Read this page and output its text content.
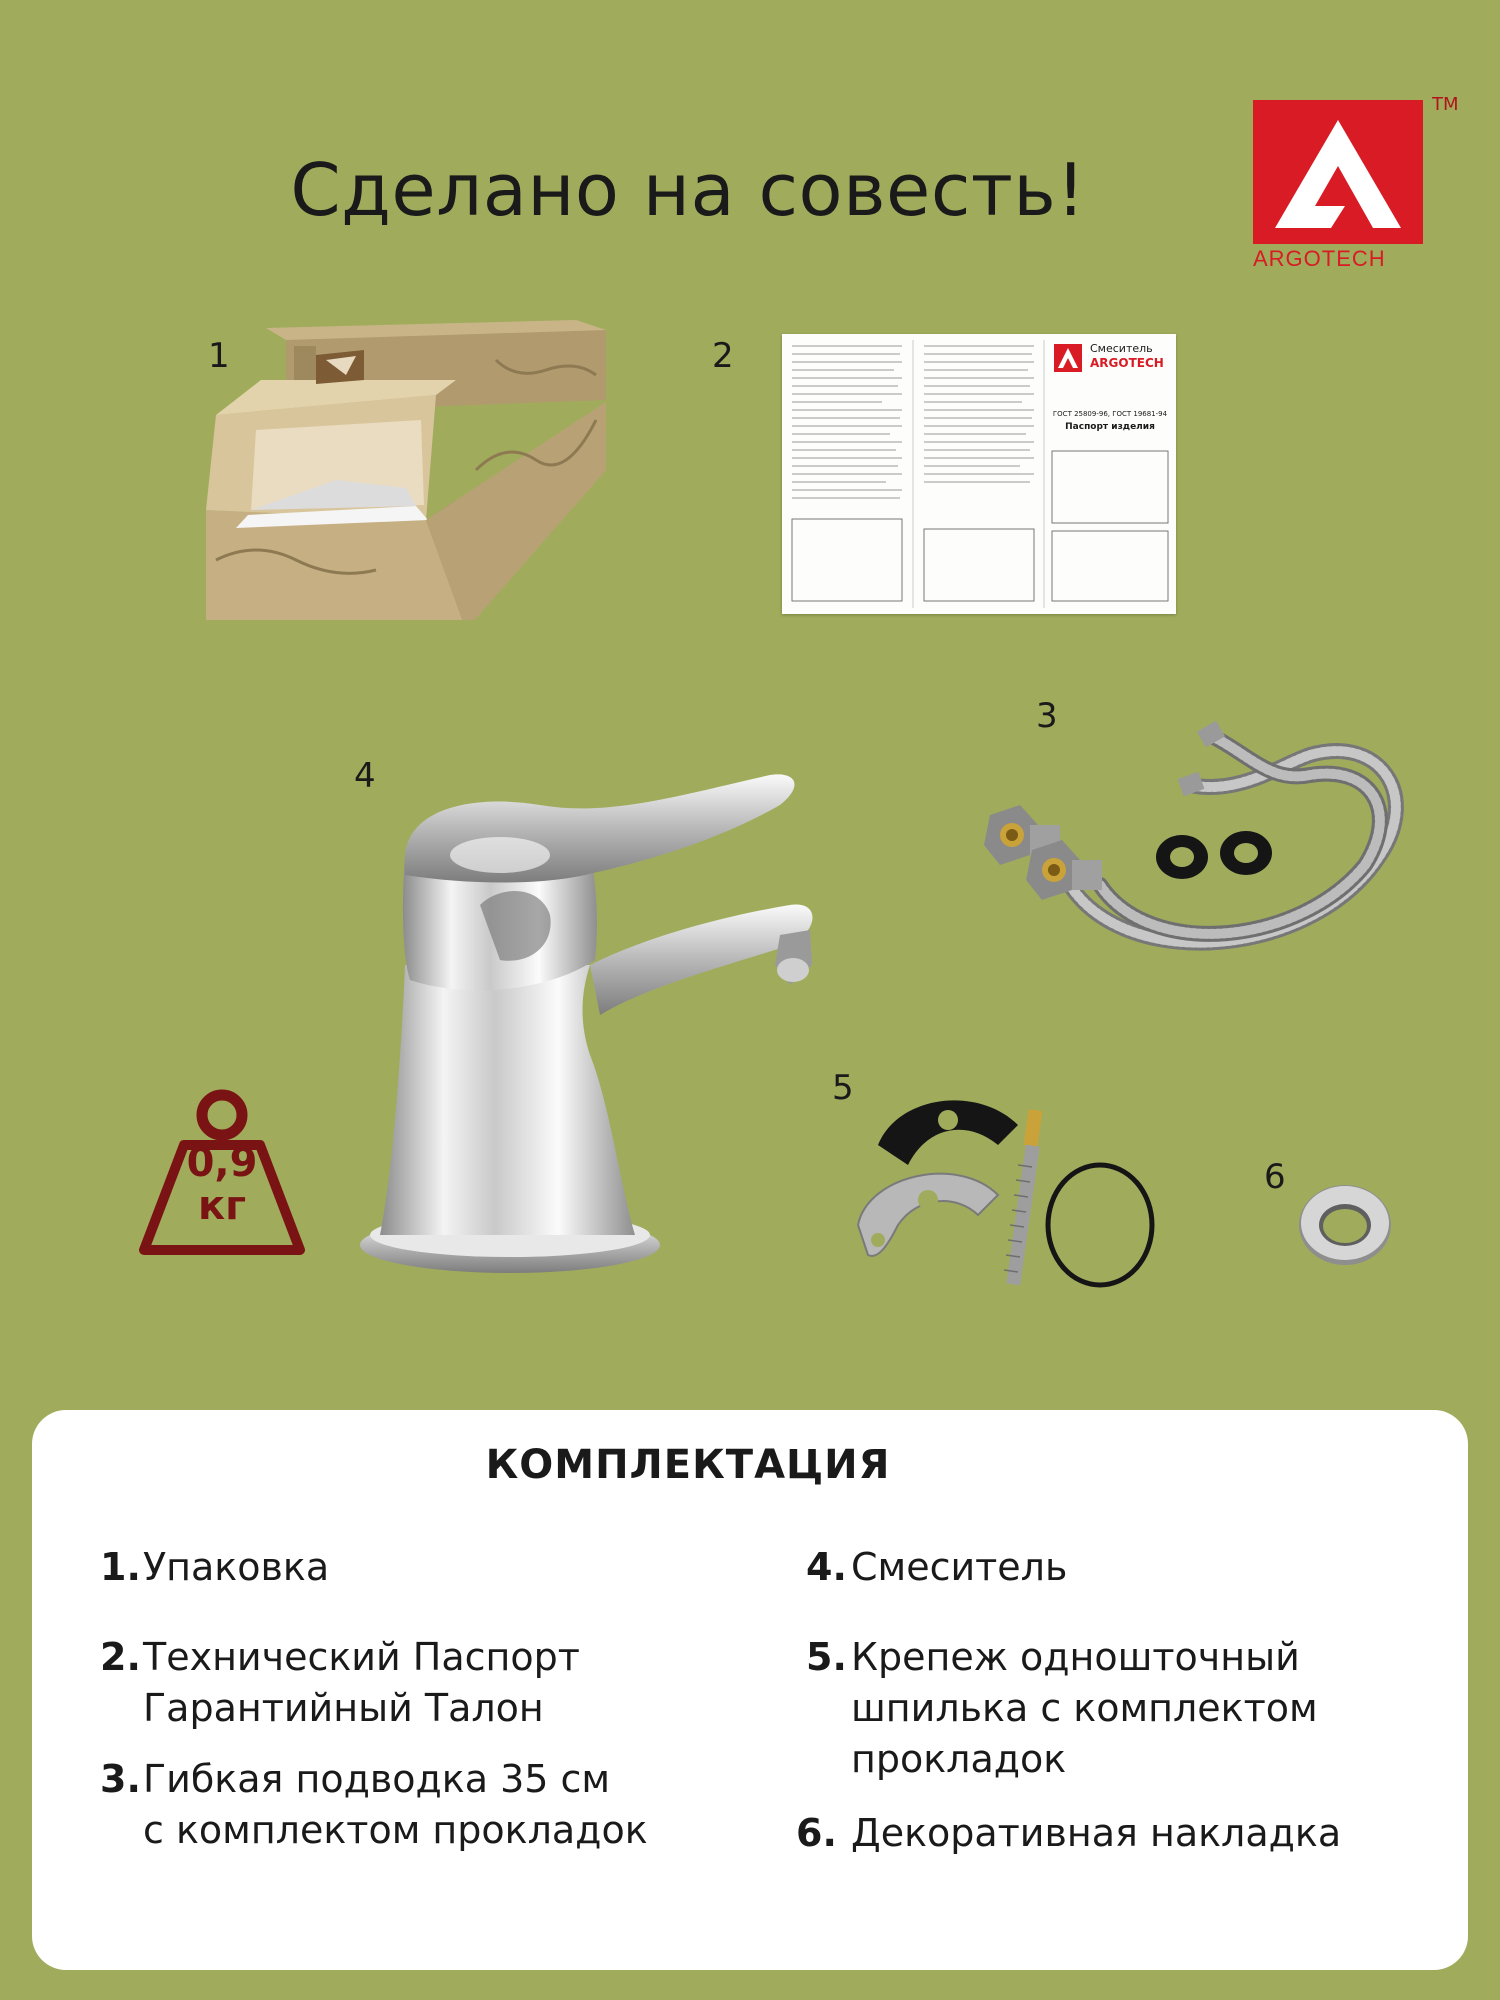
Сделано на совесть!
ARGOTECH
TM
1	2
3
4
5
6
Смеситель
ARGOTECH
ГОСТ 25809-96, ГОСТ 19681-94
Паспорт изделия
0,9
кг
КОМПЛЕКТАЦИЯ
1. Упаковка
2. Технический Паспорт
Гарантийный Талон
3. Гибкая подводка 35 см
с комплектом прокладок
4. Смеситель
5. Крепеж одношточный
шпилька с комплектом
прокладок
6. Декоративная накладка
